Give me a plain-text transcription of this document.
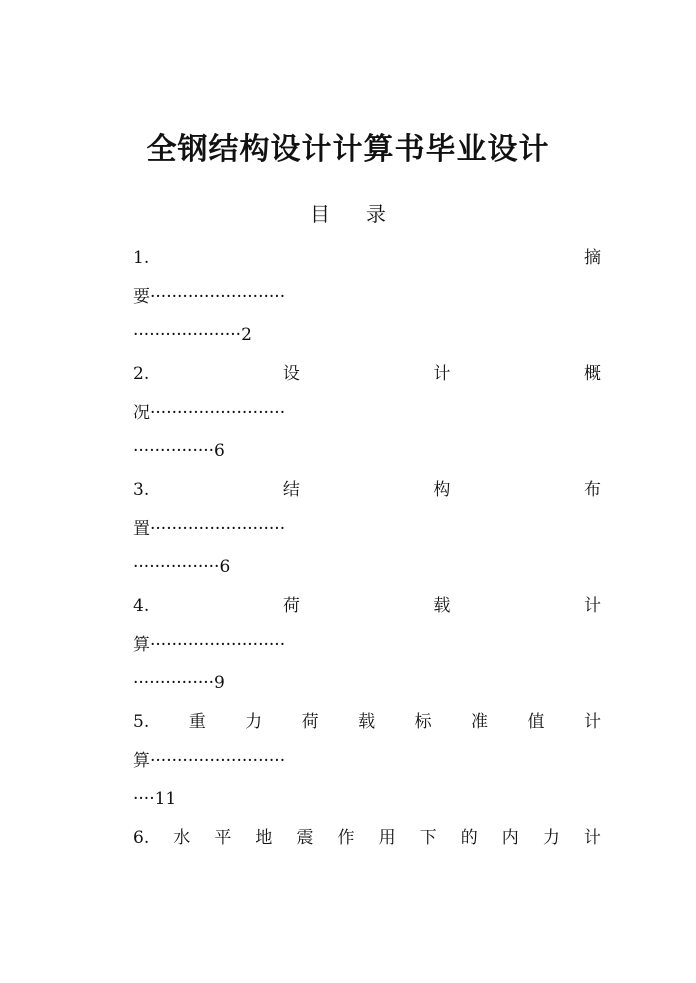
全钢结构设计计算书毕业设计
目 录
1.	摘
要·························
····················2
2.	设	计	概
况·························
···············6
3.	结	构	布
置·························
················6
4.	荷	载	计
算·························
···············9
5. 重 力 荷 载 标 准 值 计
算·························
····11
6. 水 平 地 震 作 用 下 的 内 力 计
